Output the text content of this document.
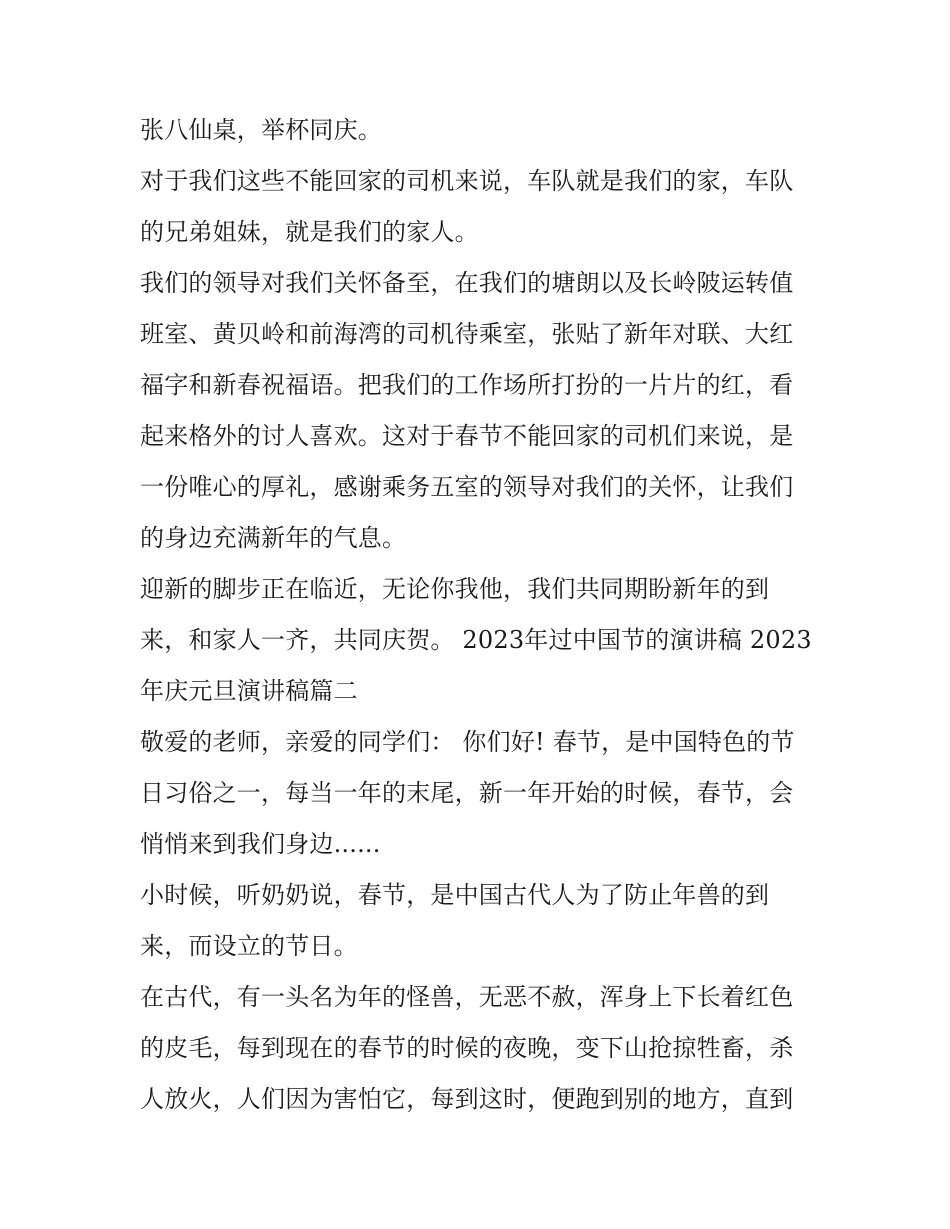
张八仙桌，举杯同庆。
对于我们这些不能回家的司机来说，车队就是我们的家，车队
的兄弟姐妹，就是我们的家人。
我们的领导对我们关怀备至，在我们的塘朗以及长岭陂运转值
班室、黄贝岭和前海湾的司机待乘室，张贴了新年对联、大红
福字和新春祝福语。把我们的工作场所打扮的一片片的红，看
起来格外的讨人喜欢。这对于春节不能回家的司机们来说，是
一份唯心的厚礼，感谢乘务五室的领导对我们的关怀，让我们
的身边充满新年的气息。
迎新的脚步正在临近，无论你我他，我们共同期盼新年的到
来，和家人一齐，共同庆贺。 2023年过中国节的演讲稿 2023
年庆元旦演讲稿篇二
敬爱的老师，亲爱的同学们： 你们好! 春节，是中国特色的节
日习俗之一，每当一年的末尾，新一年开始的时候，春节，会
悄悄来到我们身边......
小时候，听奶奶说，春节，是中国古代人为了防止年兽的到
来，而设立的节日。
在古代，有一头名为年的怪兽，无恶不赦，浑身上下长着红色
的皮毛，每到现在的春节的时候的夜晚，变下山抢掠牲畜，杀
人放火，人们因为害怕它，每到这时，便跑到别的地方，直到
